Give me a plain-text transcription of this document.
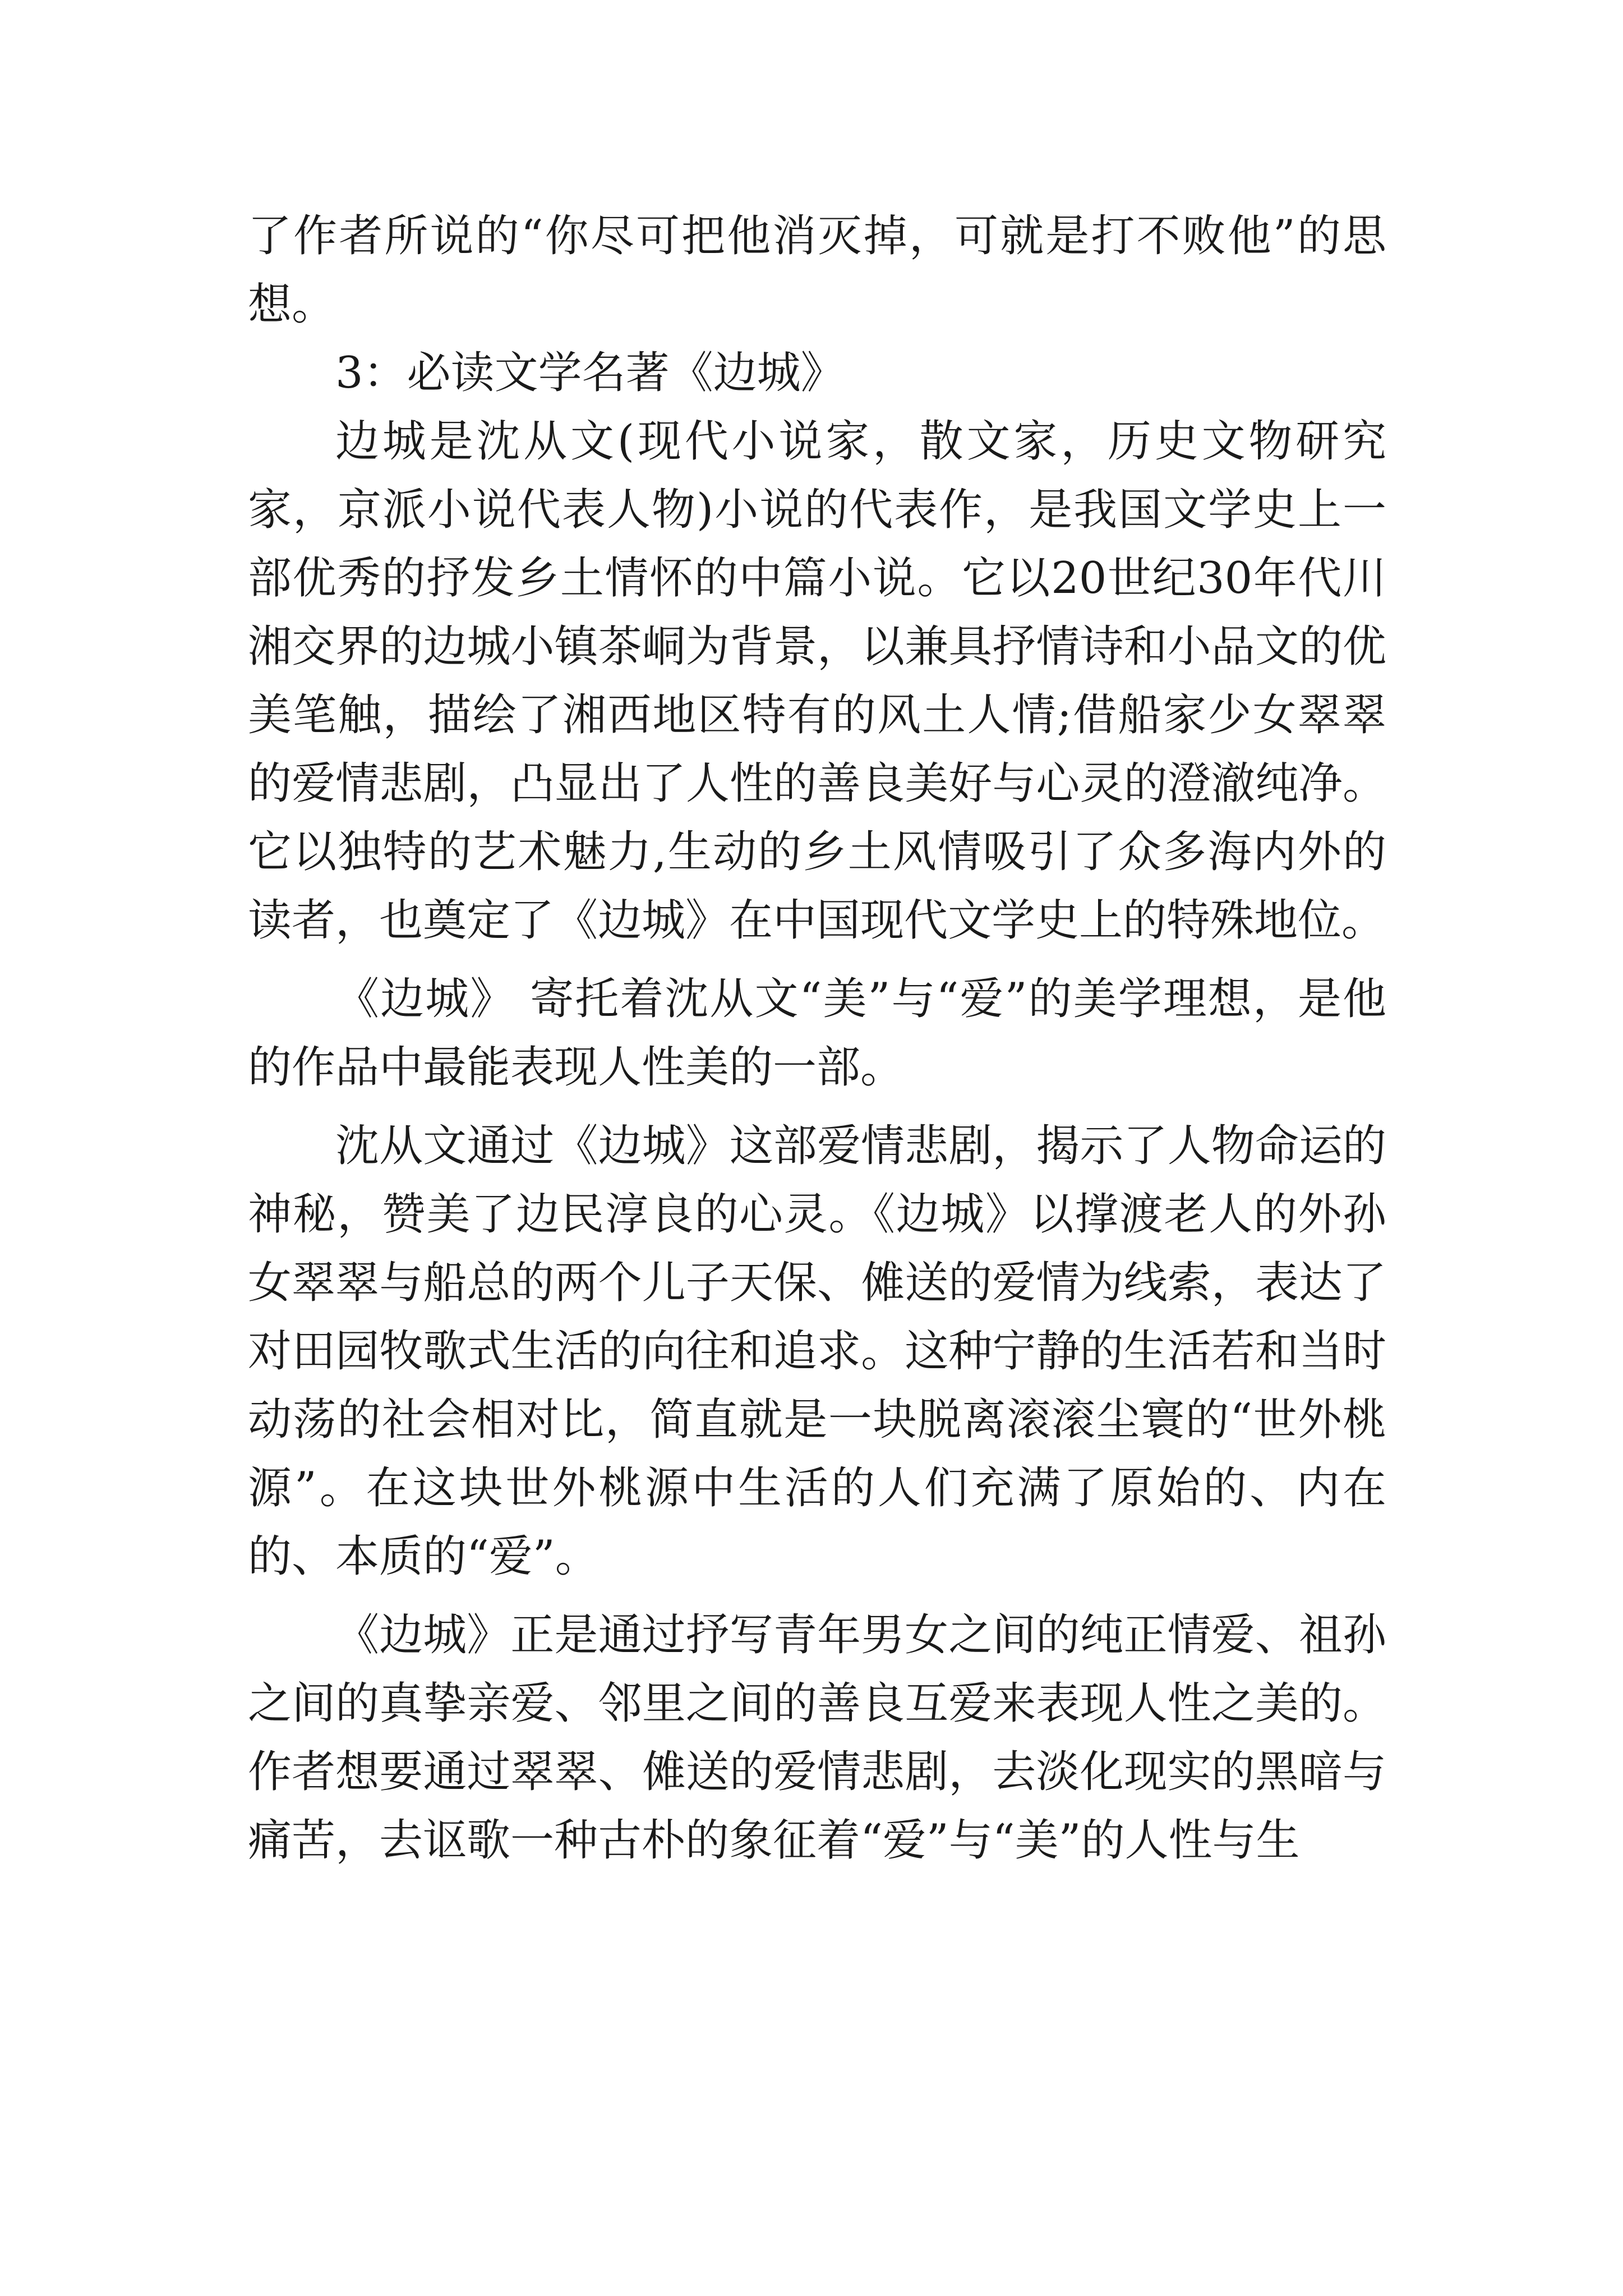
了作者所说的“你尽可把他消灭掉，可就是打不败他”的思想。

3：必读文学名著《边城》

边城是沈从文(现代小说家，散文家，历史文物研究家，京派小说代表人物)小说的代表作，是我国文学史上一部优秀的抒发乡土情怀的中篇小说。它以20世纪30年代川湘交界的边城小镇茶峒为背景，以兼具抒情诗和小品文的优美笔触，描绘了湘西地区特有的风土人情;借船家少女翠翠的爱情悲剧，凸显出了人性的善良美好与心灵的澄澈纯净。它以独特的艺术魅力,生动的乡土风情吸引了众多海内外的读者，也奠定了《边城》在中国现代文学史上的特殊地位。

《边城》 寄托着沈从文“美”与“爱”的美学理想，是他的作品中最能表现人性美的一部。

沈从文通过《边城》这部爱情悲剧，揭示了人物命运的神秘，赞美了边民淳良的心灵。《边城》以撑渡老人的外孙女翠翠与船总的两个儿子天保、傩送的爱情为线索，表达了对田园牧歌式生活的向往和追求。这种宁静的生活若和当时动荡的社会相对比，简直就是一块脱离滚滚尘寰的“世外桃源”。在这块世外桃源中生活的人们充满了原始的、内在的、本质的“爱”。

《边城》正是通过抒写青年男女之间的纯正情爱、祖孙之间的真挚亲爱、邻里之间的善良互爱来表现人性之美的。作者想要通过翠翠、傩送的爱情悲剧，去淡化现实的黑暗与痛苦，去讴歌一种古朴的象征着“爱”与“美”的人性与生
